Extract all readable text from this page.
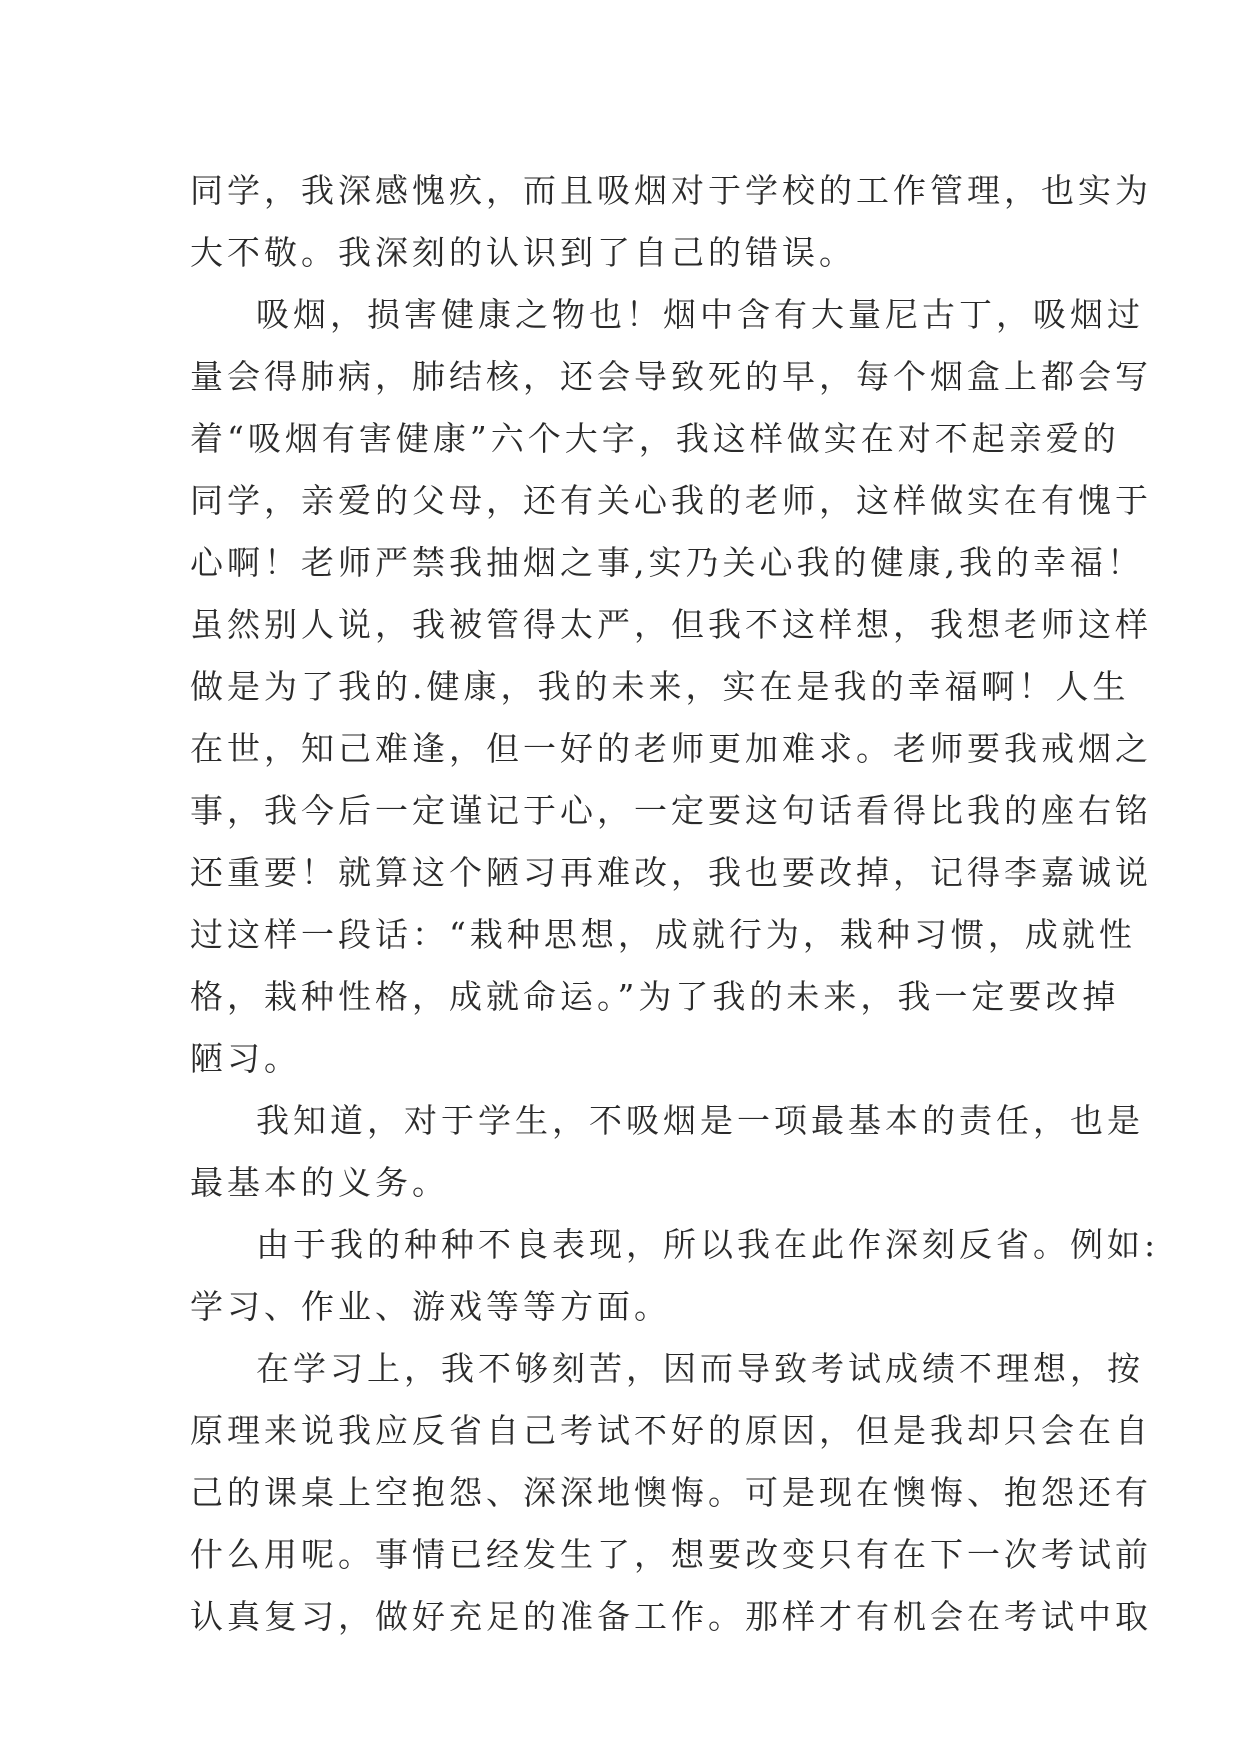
同学，我深感愧疚，而且吸烟对于学校的工作管理，也实为
大不敬。我深刻的认识到了自己的错误。
吸烟，损害健康之物也！烟中含有大量尼古丁，吸烟过
量会得肺病，肺结核，还会导致死的早，每个烟盒上都会写
着“吸烟有害健康”六个大字，我这样做实在对不起亲爱的
同学，亲爱的父母，还有关心我的老师，这样做实在有愧于
心啊！老师严禁我抽烟之事,实乃关心我的健康,我的幸福！
虽然别人说，我被管得太严，但我不这样想，我想老师这样
做是为了我的.健康，我的未来，实在是我的幸福啊！人生
在世，知己难逢，但一好的老师更加难求。老师要我戒烟之
事，我今后一定谨记于心，一定要这句话看得比我的座右铭
还重要！就算这个陋习再难改，我也要改掉，记得李嘉诚说
过这样一段话：“栽种思想，成就行为，栽种习惯，成就性
格，栽种性格，成就命运。”为了我的未来，我一定要改掉
陋习。
我知道，对于学生，不吸烟是一项最基本的责任，也是
最基本的义务。
由于我的种种不良表现，所以我在此作深刻反省。例如:
学习、作业、游戏等等方面。
在学习上，我不够刻苦，因而导致考试成绩不理想，按
原理来说我应反省自己考试不好的原因，但是我却只会在自
己的课桌上空抱怨、深深地懊悔。可是现在懊悔、抱怨还有
什么用呢。事情已经发生了，想要改变只有在下一次考试前
认真复习，做好充足的准备工作。那样才有机会在考试中取
